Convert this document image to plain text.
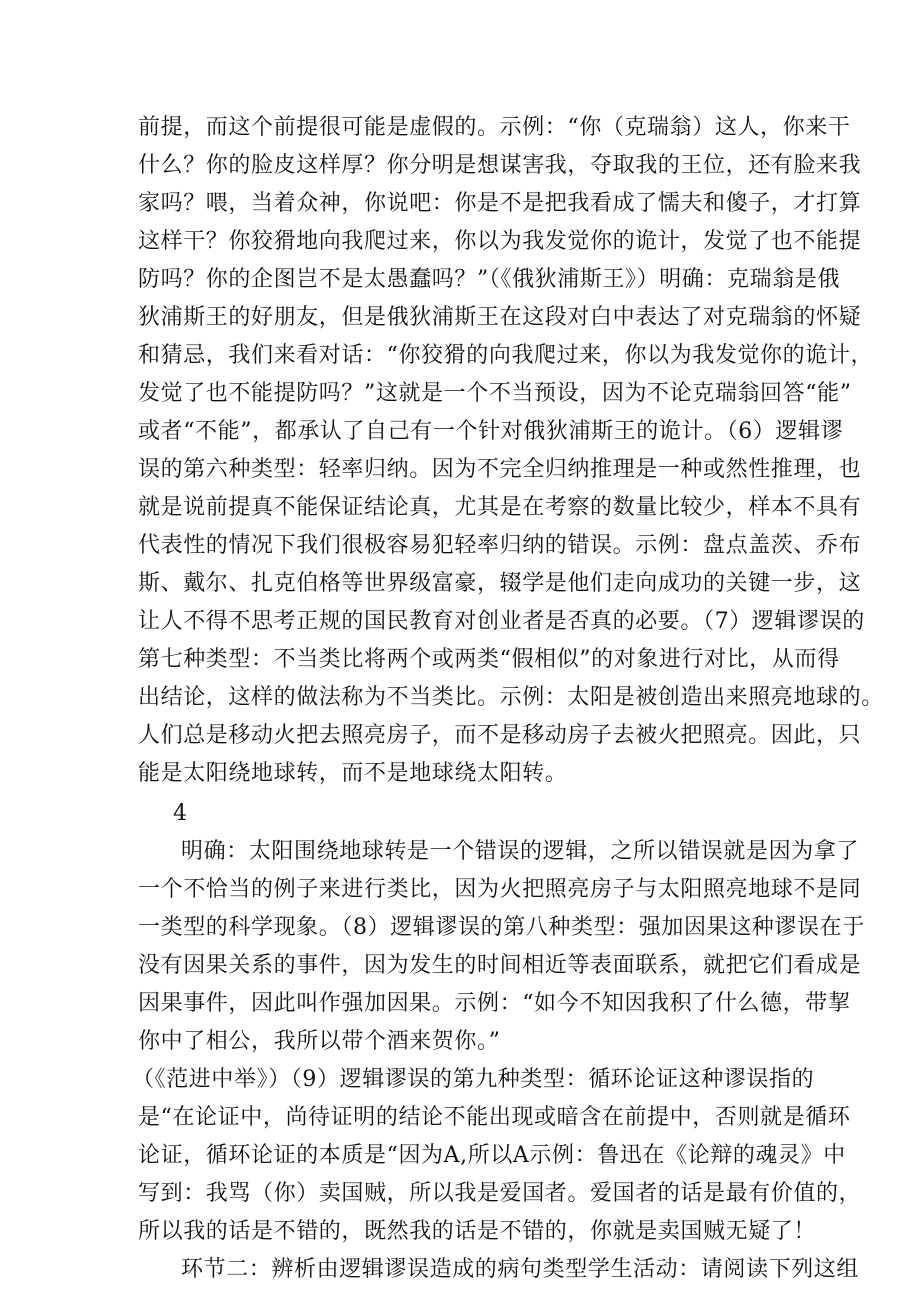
前提，而这个前提很可能是虚假的。示例：“你（克瑞翁）这人，你来干
什么？你的脸皮这样厚？你分明是想谋害我，夺取我的王位，还有脸来我
家吗？喂，当着众神，你说吧：你是不是把我看成了懦夫和傻子，才打算
这样干？你狡猾地向我爬过来，你以为我发觉你的诡计，发觉了也不能提
防吗？你的企图岂不是太愚蠢吗？”（《俄狄浦斯王》）明确：克瑞翁是俄
狄浦斯王的好朋友，但是俄狄浦斯王在这段对白中表达了对克瑞翁的怀疑
和猜忌，我们来看对话：“你狡猾的向我爬过来，你以为我发觉你的诡计，
发觉了也不能提防吗？”这就是一个不当预设，因为不论克瑞翁回答“能”
或者“不能”，都承认了自己有一个针对俄狄浦斯王的诡计。（6）逻辑谬
误的第六种类型：轻率归纳。因为不完全归纳推理是一种或然性推理，也
就是说前提真不能保证结论真，尤其是在考察的数量比较少，样本不具有
代表性的情况下我们很极容易犯轻率归纳的错误。示例：盘点盖茨、乔布
斯、戴尔、扎克伯格等世界级富豪，辍学是他们走向成功的关键一步，这
让人不得不思考正规的国民教育对创业者是否真的必要。（7）逻辑谬误的
第七种类型：不当类比将两个或两类“假相似”的对象进行对比，从而得
出结论，这样的做法称为不当类比。示例：太阳是被创造出来照亮地球的。
人们总是移动火把去照亮房子，而不是移动房子去被火把照亮。因此，只
能是太阳绕地球转，而不是地球绕太阳转。
4
明确：太阳围绕地球转是一个错误的逻辑，之所以错误就是因为拿了
一个不恰当的例子来进行类比，因为火把照亮房子与太阳照亮地球不是同
一类型的科学现象。（8）逻辑谬误的第八种类型：强加因果这种谬误在于
没有因果关系的事件，因为发生的时间相近等表面联系，就把它们看成是
因果事件，因此叫作强加因果。示例：“如今不知因我积了什么德，带挈
你中了相公，我所以带个酒来贺你。”
（《范进中举》）（9）逻辑谬误的第九种类型：循环论证这种谬误指的
是“在论证中，尚待证明的结论不能出现或暗含在前提中，否则就是循环
论证，循环论证的本质是“因为A,所以A示例：鲁迅在《论辩的魂灵》中
写到：我骂（你）卖国贼，所以我是爱国者。爱国者的话是最有价值的，
所以我的话是不错的，既然我的话是不错的，你就是卖国贼无疑了！
环节二：辨析由逻辑谬误造成的病句类型学生活动：请阅读下列这组
